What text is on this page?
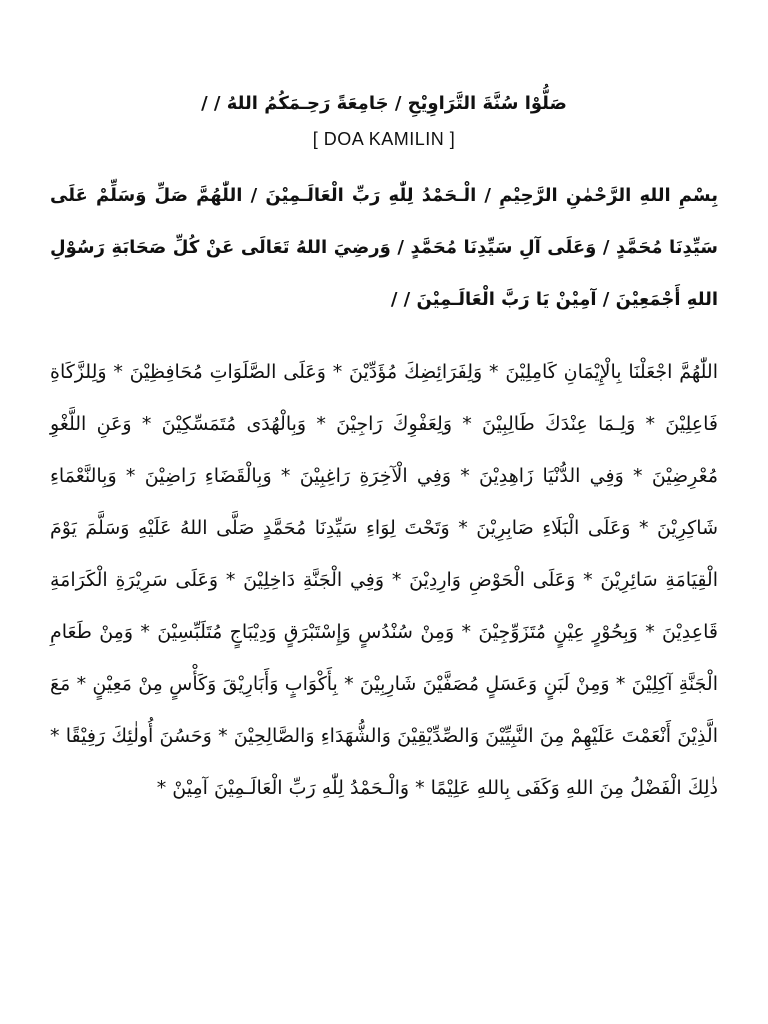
صَلُّوْا سُنَّةَ التَّرَاوِيْحِ / جَامِعَةً رَحِـمَكُمُ اللهُ / /
[ DOA KAMILIN ]
بِسْمِ اللهِ الرَّحْمٰنِ الرَّحِيْمِ / الْـحَمْدُ لِلّٰهِ رَبِّ الْعَالَـمِيْنَ / اللّٰهُمَّ صَلِّ وَسَلِّمْ عَلَى سَيِّدِنَا مُحَمَّدٍ / وَعَلَى آلِ سَيِّدِنَا مُحَمَّدٍ / وَرضِيَ اللهُ تَعَالَى عَنْ كُلِّ صَحَابَةِ رَسُوْلِ اللهِ أَجْمَعِيْنَ / آمِيْنْ يَا رَبَّ الْعَالَـمِيْنَ / /
اللّٰهُمَّ اجْعَلْنَا بِالْإِيْمَانِ كَامِلِيْنَ * وَلِفَرَائِضِكَ مُؤَدِّيْنَ * وَعَلَى الصَّلَوَاتِ مُحَافِظِيْنَ * وَلِلزَّكَاةِ فَاعِلِيْنَ * وَلِـمَا عِنْدَكَ طَالِبِيْنَ * وَلِعَفْوِكَ رَاجِيْنَ * وَبِالْهُدَى مُتَمَسِّكِيْنَ * وَعَنِ اللَّغْوِ مُعْرِضِيْنَ * وَفِي الدُّنْيَا زَاهِدِيْنَ * وَفِي الْآخِرَةِ رَاغِبِيْنَ * وَبِالْقَضَاءِ رَاضِيْنَ * وَبِالنَّعْمَاءِ شَاكِرِيْنَ * وَعَلَى الْبَلَاءِ صَابِرِيْنَ * وَتَحْتَ لِوَاءِ سَيِّدِنَا مُحَمَّدٍ صَلَّى اللهُ عَلَيْهِ وَسَلَّمَ يَوْمَ الْقِيَامَةِ سَائِرِيْنَ * وَعَلَى الْحَوْضِ وَارِدِيْنَ * وَفِي الْجَنَّةِ دَاخِلِيْنَ * وَعَلَى سَرِيْرَةِ الْكَرَامَةِ قَاعِدِيْنَ * وَبِحُوْرٍ عِيْنٍ مُتَزَوِّجِيْنَ * وَمِنْ سُنْدُسٍ وَإِسْتَبْرَقٍ وَدِيْبَاجٍ مُتَلَبِّسِيْنَ * وَمِنْ طَعَامِ الْجَنَّةِ آكِلِيْنَ * وَمِنْ لَبَنٍ وَعَسَلٍ مُصَفَّيْنَ شَارِبِيْنَ * بِأَكْوَابٍ وَأَبَارِيْقَ وَكَأْسٍ مِنْ مَعِيْنٍ * مَعَ الَّذِيْنَ أَنْعَمْتَ عَلَيْهِمْ مِنَ النَّبِيِّيْنَ وَالصِّدِّيْقِيْنَ وَالشُّهَدَاءِ وَالصَّالِحِيْنَ * وَحَسُنَ أُولٰئِكَ رَفِيْقًا * ذٰلِكَ الْفَضْلُ مِنَ اللهِ وَكَفَى بِاللهِ عَلِيْمًا * وَالْـحَمْدُ لِلّٰهِ رَبِّ الْعَالَـمِيْنَ آمِيْنْ *
